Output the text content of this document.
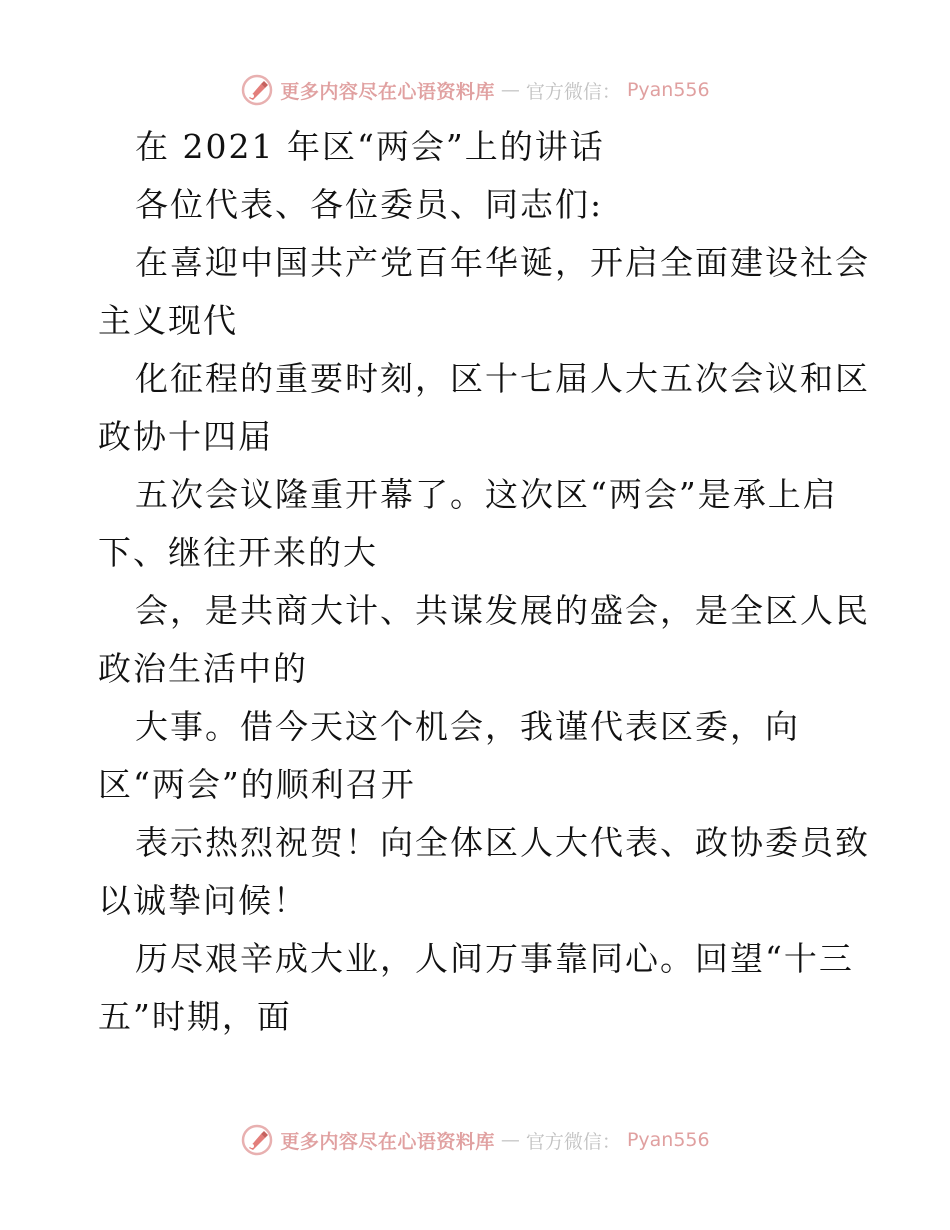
更多内容尽在心语资料库 — 官方微信： Pyan556
在 2021 年区“两会”上的讲话
各位代表、各位委员、同志们:
在喜迎中国共产党百年华诞，开启全面建设社会
主义现代
化征程的重要时刻，区十七届人大五次会议和区
政协十四届
五次会议隆重开幕了。这次区“两会”是承上启
下、继往开来的大
会，是共商大计、共谋发展的盛会，是全区人民
政治生活中的
大事。借今天这个机会，我谨代表区委，向
区“两会”的顺利召开
表示热烈祝贺！向全体区人大代表、政协委员致
以诚挚问候！
历尽艰辛成大业，人间万事靠同心。回望“十三
五”时期，面
更多内容尽在心语资料库 — 官方微信： Pyan556
